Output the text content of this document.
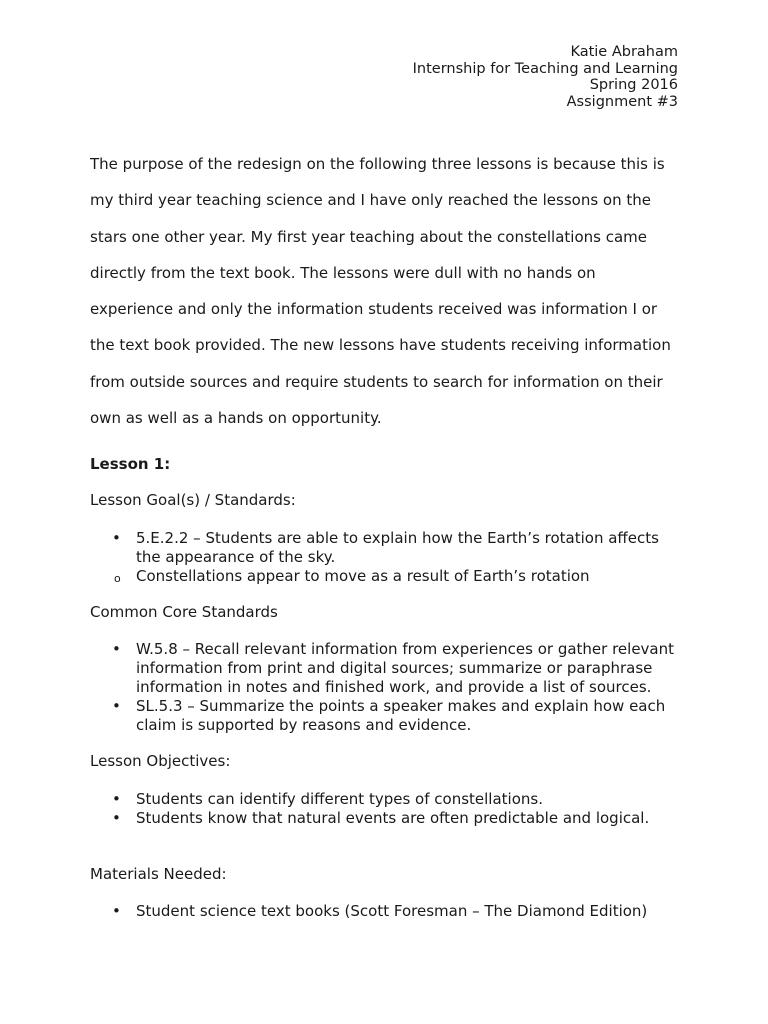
Katie Abraham
Internship for Teaching and Learning
Spring 2016
Assignment #3
The purpose of the redesign on the following three lessons is because this is
my third year teaching science and I have only reached the lessons on the
stars one other year. My first year teaching about the constellations came
directly from the text book. The lessons were dull with no hands on
experience and only the information students received was information I or
the text book provided. The new lessons have students receiving information
from outside sources and require students to search for information on their
own as well as a hands on opportunity.
Lesson 1:
Lesson Goal(s) / Standards:
• 5.E.2.2 – Students are able to explain how the Earth’s rotation affects
the appearance of the sky.
o Constellations appear to move as a result of Earth’s rotation
Common Core Standards
• W.5.8 – Recall relevant information from experiences or gather relevant
information from print and digital sources; summarize or paraphrase
information in notes and finished work, and provide a list of sources.
• SL.5.3 – Summarize the points a speaker makes and explain how each
claim is supported by reasons and evidence.
Lesson Objectives:
• Students can identify different types of constellations.
• Students know that natural events are often predictable and logical.
Materials Needed:
• Student science text books (Scott Foresman – The Diamond Edition)
